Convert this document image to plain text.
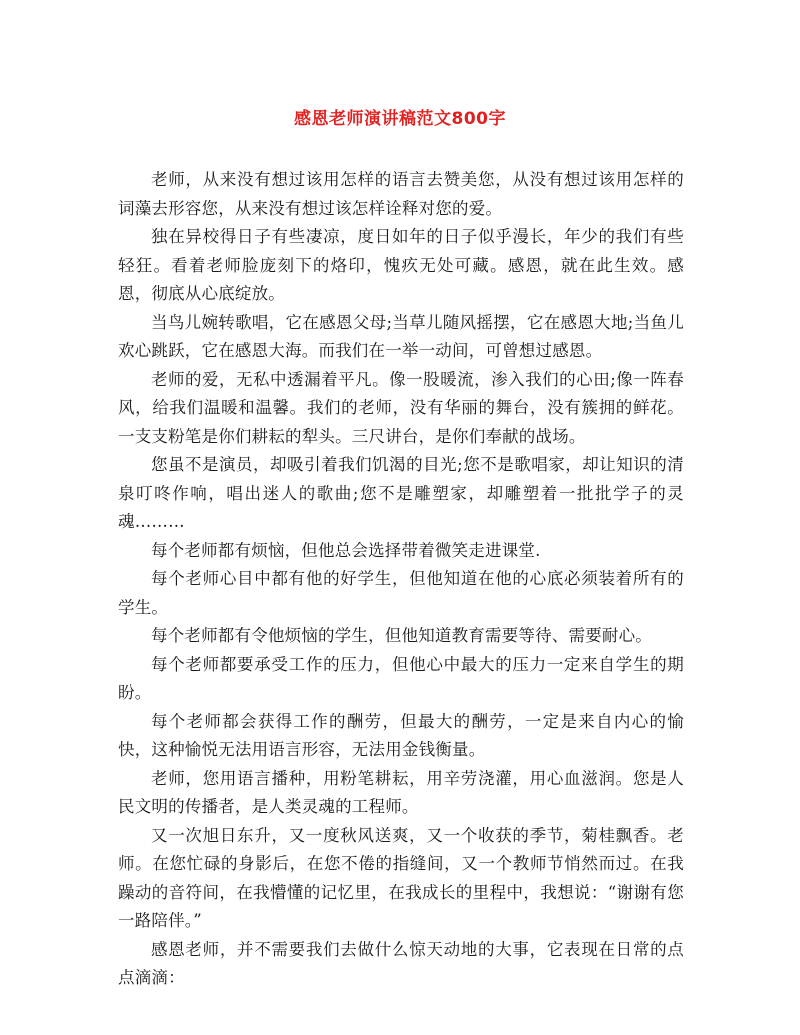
感恩老师演讲稿范文800字

老师，从来没有想过该用怎样的语言去赞美您，从没有想过该用怎样的词藻去形容您，从来没有想过该怎样诠释对您的爱。

独在异校得日子有些凄凉，度日如年的日子似乎漫长，年少的我们有些轻狂。看着老师脸庞刻下的烙印，愧疚无处可藏。感恩，就在此生效。感恩，彻底从心底绽放。

当鸟儿婉转歌唱，它在感恩父母;当草儿随风摇摆，它在感恩大地;当鱼儿欢心跳跃，它在感恩大海。而我们在一举一动间，可曾想过感恩。

老师的爱，无私中透漏着平凡。像一股暖流，渗入我们的心田;像一阵春风，给我们温暖和温馨。我们的老师，没有华丽的舞台，没有簇拥的鲜花。一支支粉笔是你们耕耘的犁头。三尺讲台，是你们奉献的战场。

您虽不是演员，却吸引着我们饥渴的目光;您不是歌唱家，却让知识的清泉叮咚作响，唱出迷人的歌曲;您不是雕塑家，却雕塑着一批批学子的灵魂………

每个老师都有烦恼，但他总会选择带着微笑走进课堂.

每个老师心目中都有他的好学生，但他知道在他的心底必须装着所有的学生。

每个老师都有令他烦恼的学生，但他知道教育需要等待、需要耐心。

每个老师都要承受工作的压力，但他心中最大的压力一定来自学生的期盼。

每个老师都会获得工作的酬劳，但最大的酬劳，一定是来自内心的愉快，这种愉悦无法用语言形容，无法用金钱衡量。

老师，您用语言播种，用粉笔耕耘，用辛劳浇灌，用心血滋润。您是人民文明的传播者，是人类灵魂的工程师。

又一次旭日东升，又一度秋风送爽，又一个收获的季节，菊桂飘香。老师。在您忙碌的身影后，在您不倦的指缝间，又一个教师节悄然而过。在我躁动的音符间，在我懵懂的记忆里，在我成长的里程中，我想说：“谢谢有您一路陪伴。”

感恩老师，并不需要我们去做什么惊天动地的大事，它表现在日常的点点滴滴：
